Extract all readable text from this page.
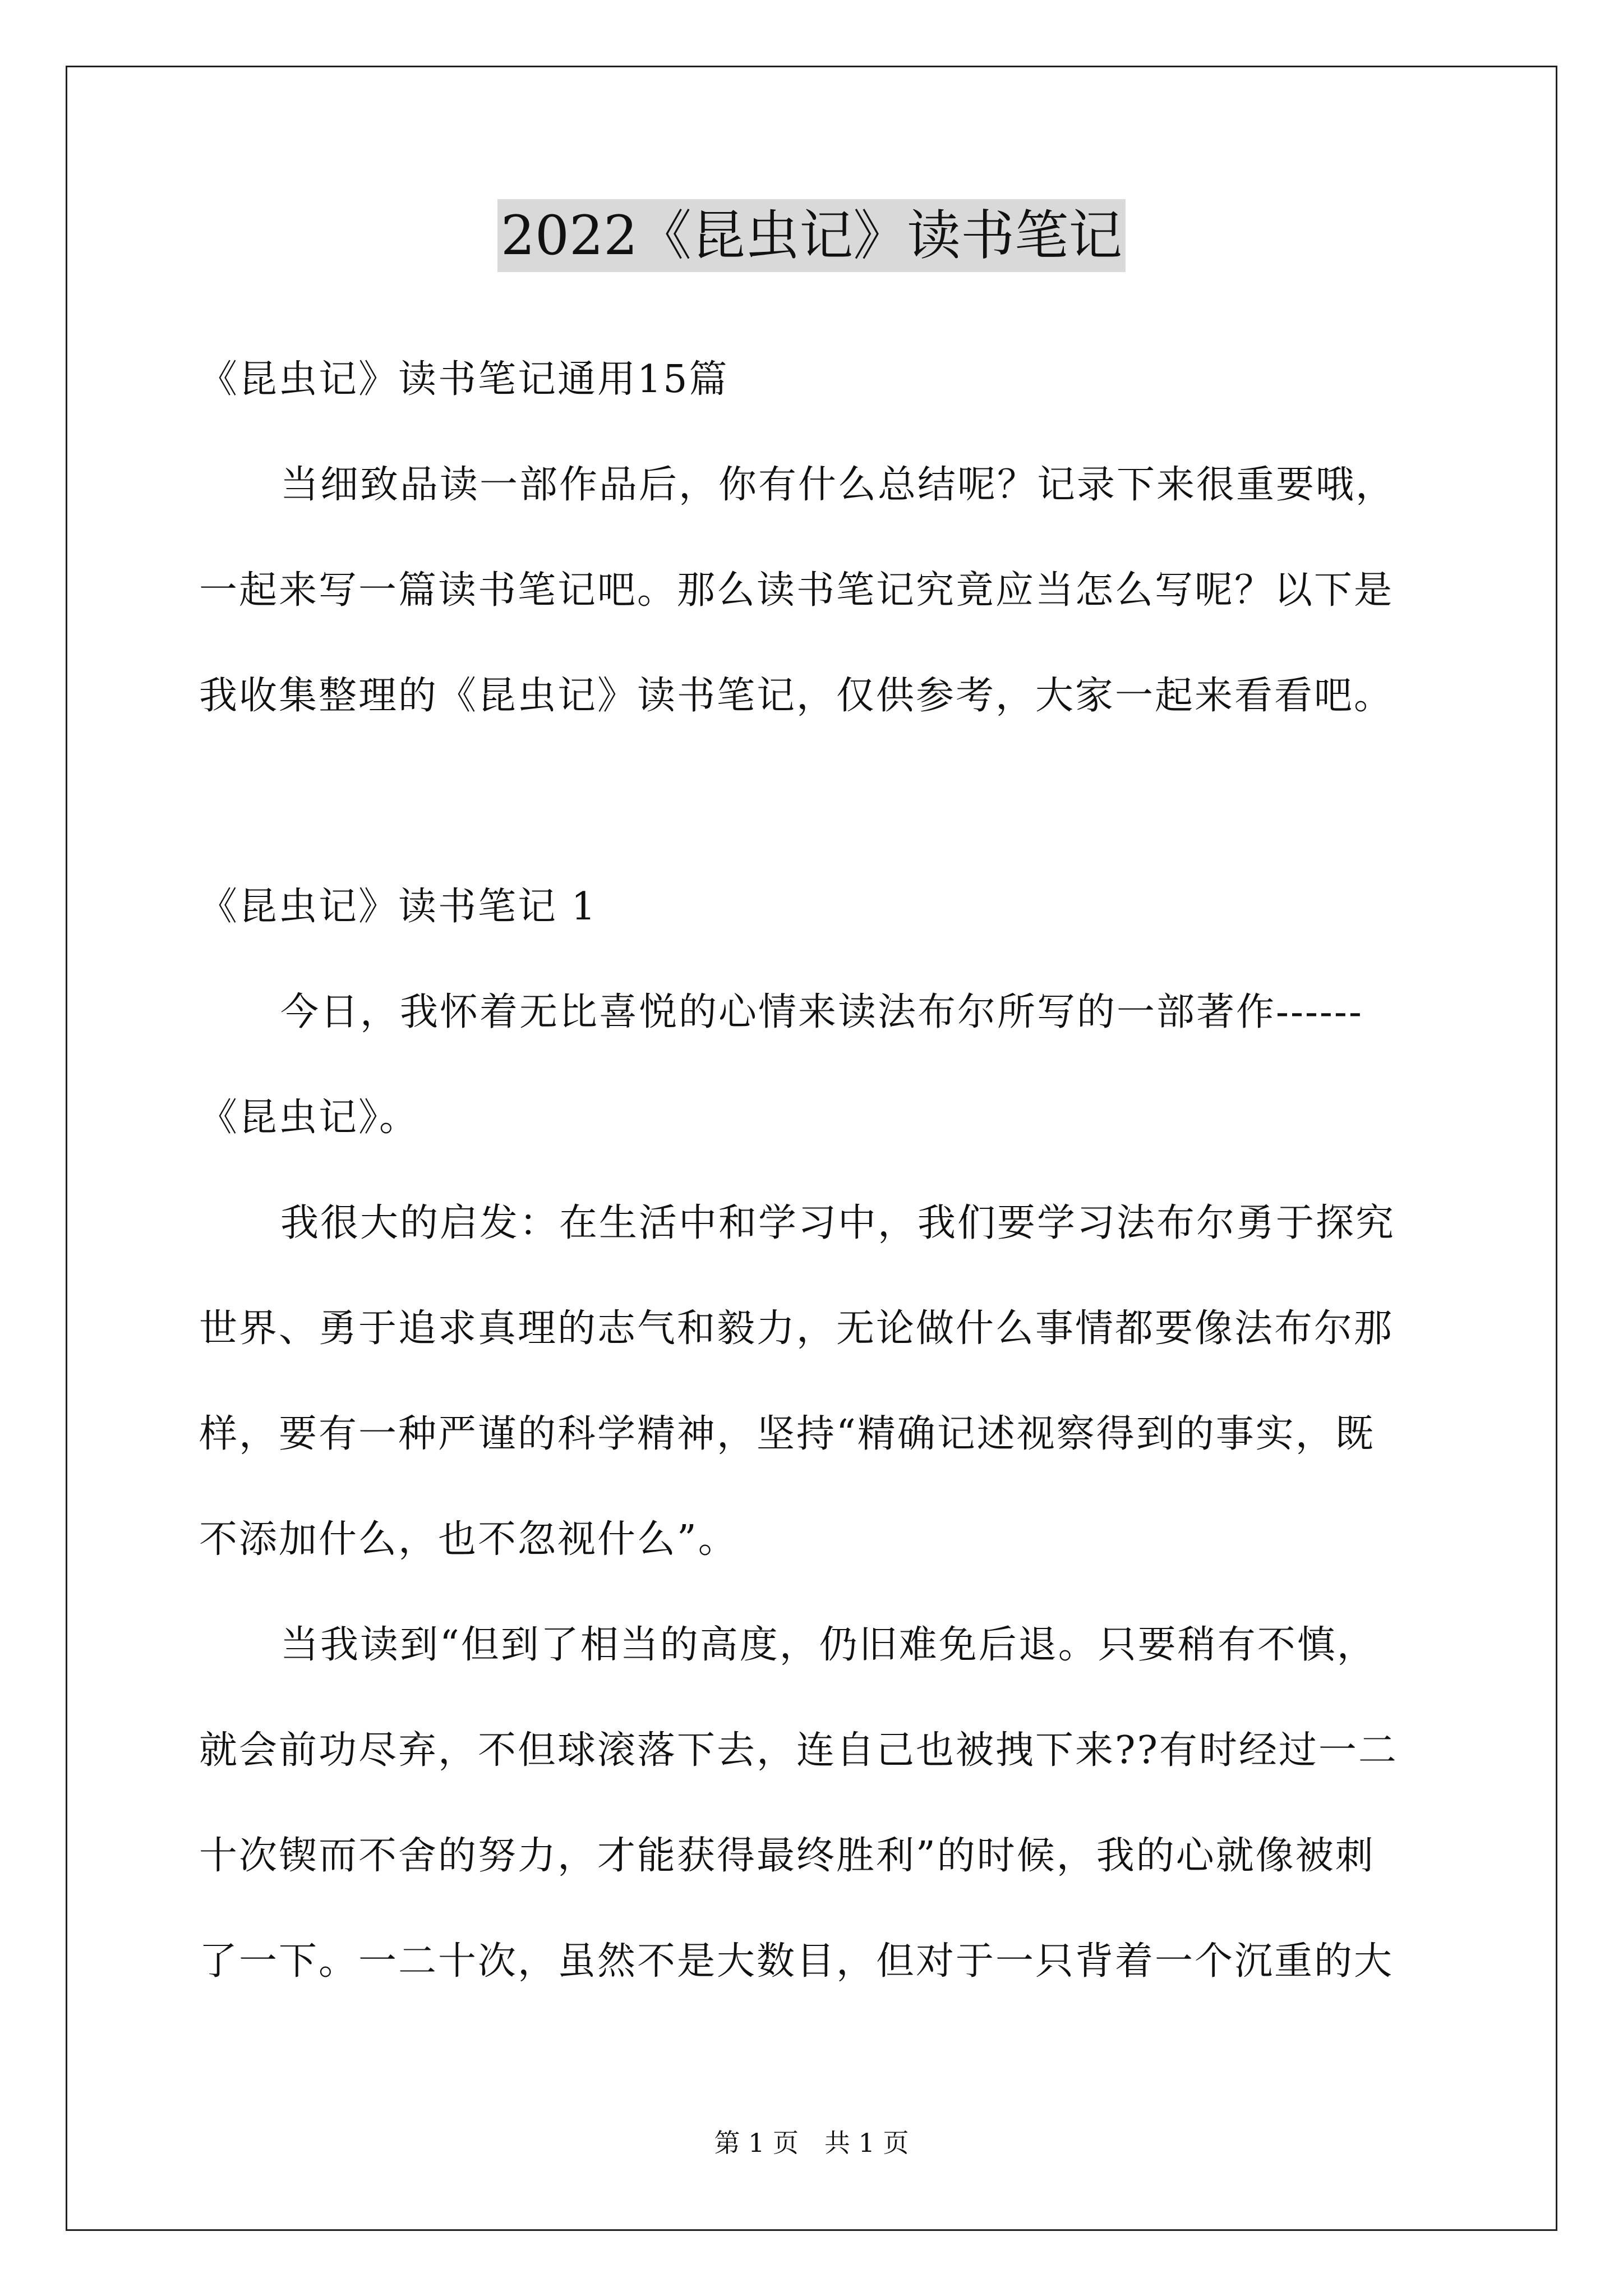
2022《昆虫记》读书笔记
《昆虫记》读书笔记通用15篇
当细致品读一部作品后，你有什么总结呢？记录下来很重要哦，
一起来写一篇读书笔记吧。那么读书笔记究竟应当怎么写呢？以下是
我收集整理的《昆虫记》读书笔记，仅供参考，大家一起来看看吧。
《昆虫记》读书笔记 1
今日，我怀着无比喜悦的心情来读法布尔所写的一部著作------
《昆虫记》。
我很大的启发：在生活中和学习中，我们要学习法布尔勇于探究
世界、勇于追求真理的志气和毅力，无论做什么事情都要像法布尔那
样，要有一种严谨的科学精神，坚持“精确记述视察得到的事实，既
不添加什么，也不忽视什么”。
当我读到“但到了相当的高度，仍旧难免后退。只要稍有不慎，
就会前功尽弃，不但球滚落下去，连自己也被拽下来??有时经过一二
十次锲而不舍的努力，才能获得最终胜利”的时候，我的心就像被刺
了一下。一二十次，虽然不是大数目，但对于一只背着一个沉重的大
第 1 页　共 1 页
